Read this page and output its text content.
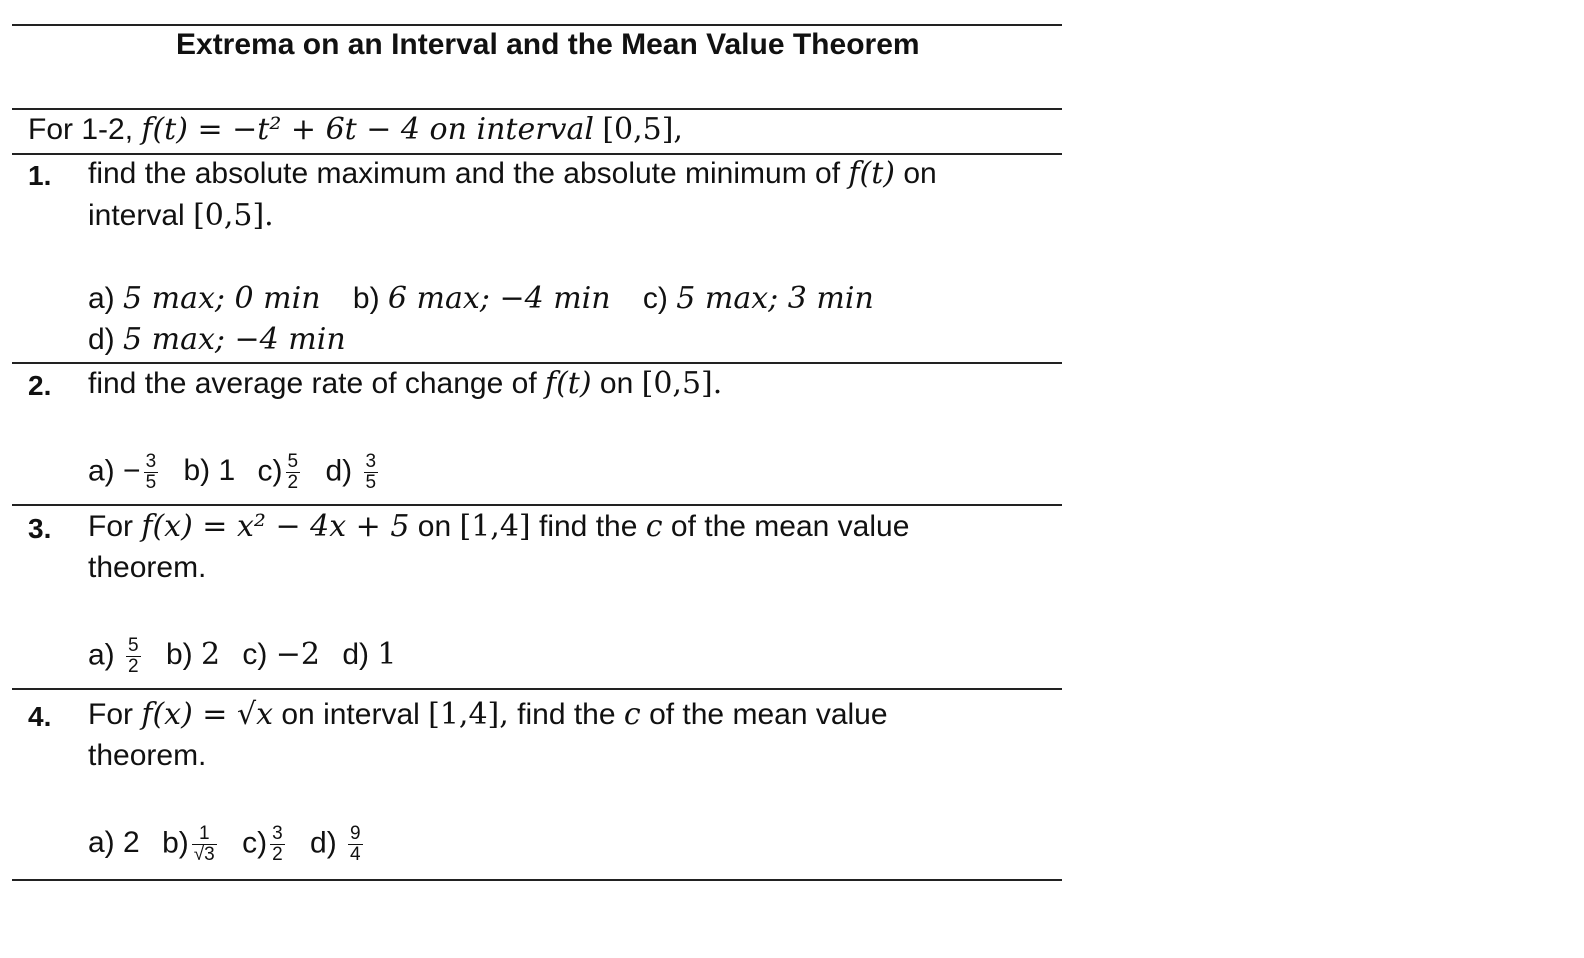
Extrema on an Interval and the Mean Value Theorem
For 1-2, f(t) = −t² + 6t − 4 on interval [0,5],
1. find the absolute maximum and the absolute minimum of f(t) on
interval [0,5].
a) 5 max; 0 min b) 6 max; −4 min c) 5 max; 3 min
d) 5 max; −4 min
2. find the average rate of change of f(t) on [0,5].
$a) - \frac{3}{5} b$) 1 $c) \frac{5}{2} d) \frac{3}{5}$
3. For f(x) = x² − 4x + 5 on [1,4] find the c of the mean value
theorem.
$a) \frac{5}{2} b$) 2 c) −2 d) 1
4. For f(x) = √x on interval [1,4], find the c of the mean value
theorem.
a) 2 $b) \frac{1}{√3} c) \frac{3}{2} d) \frac{9}{4}$
